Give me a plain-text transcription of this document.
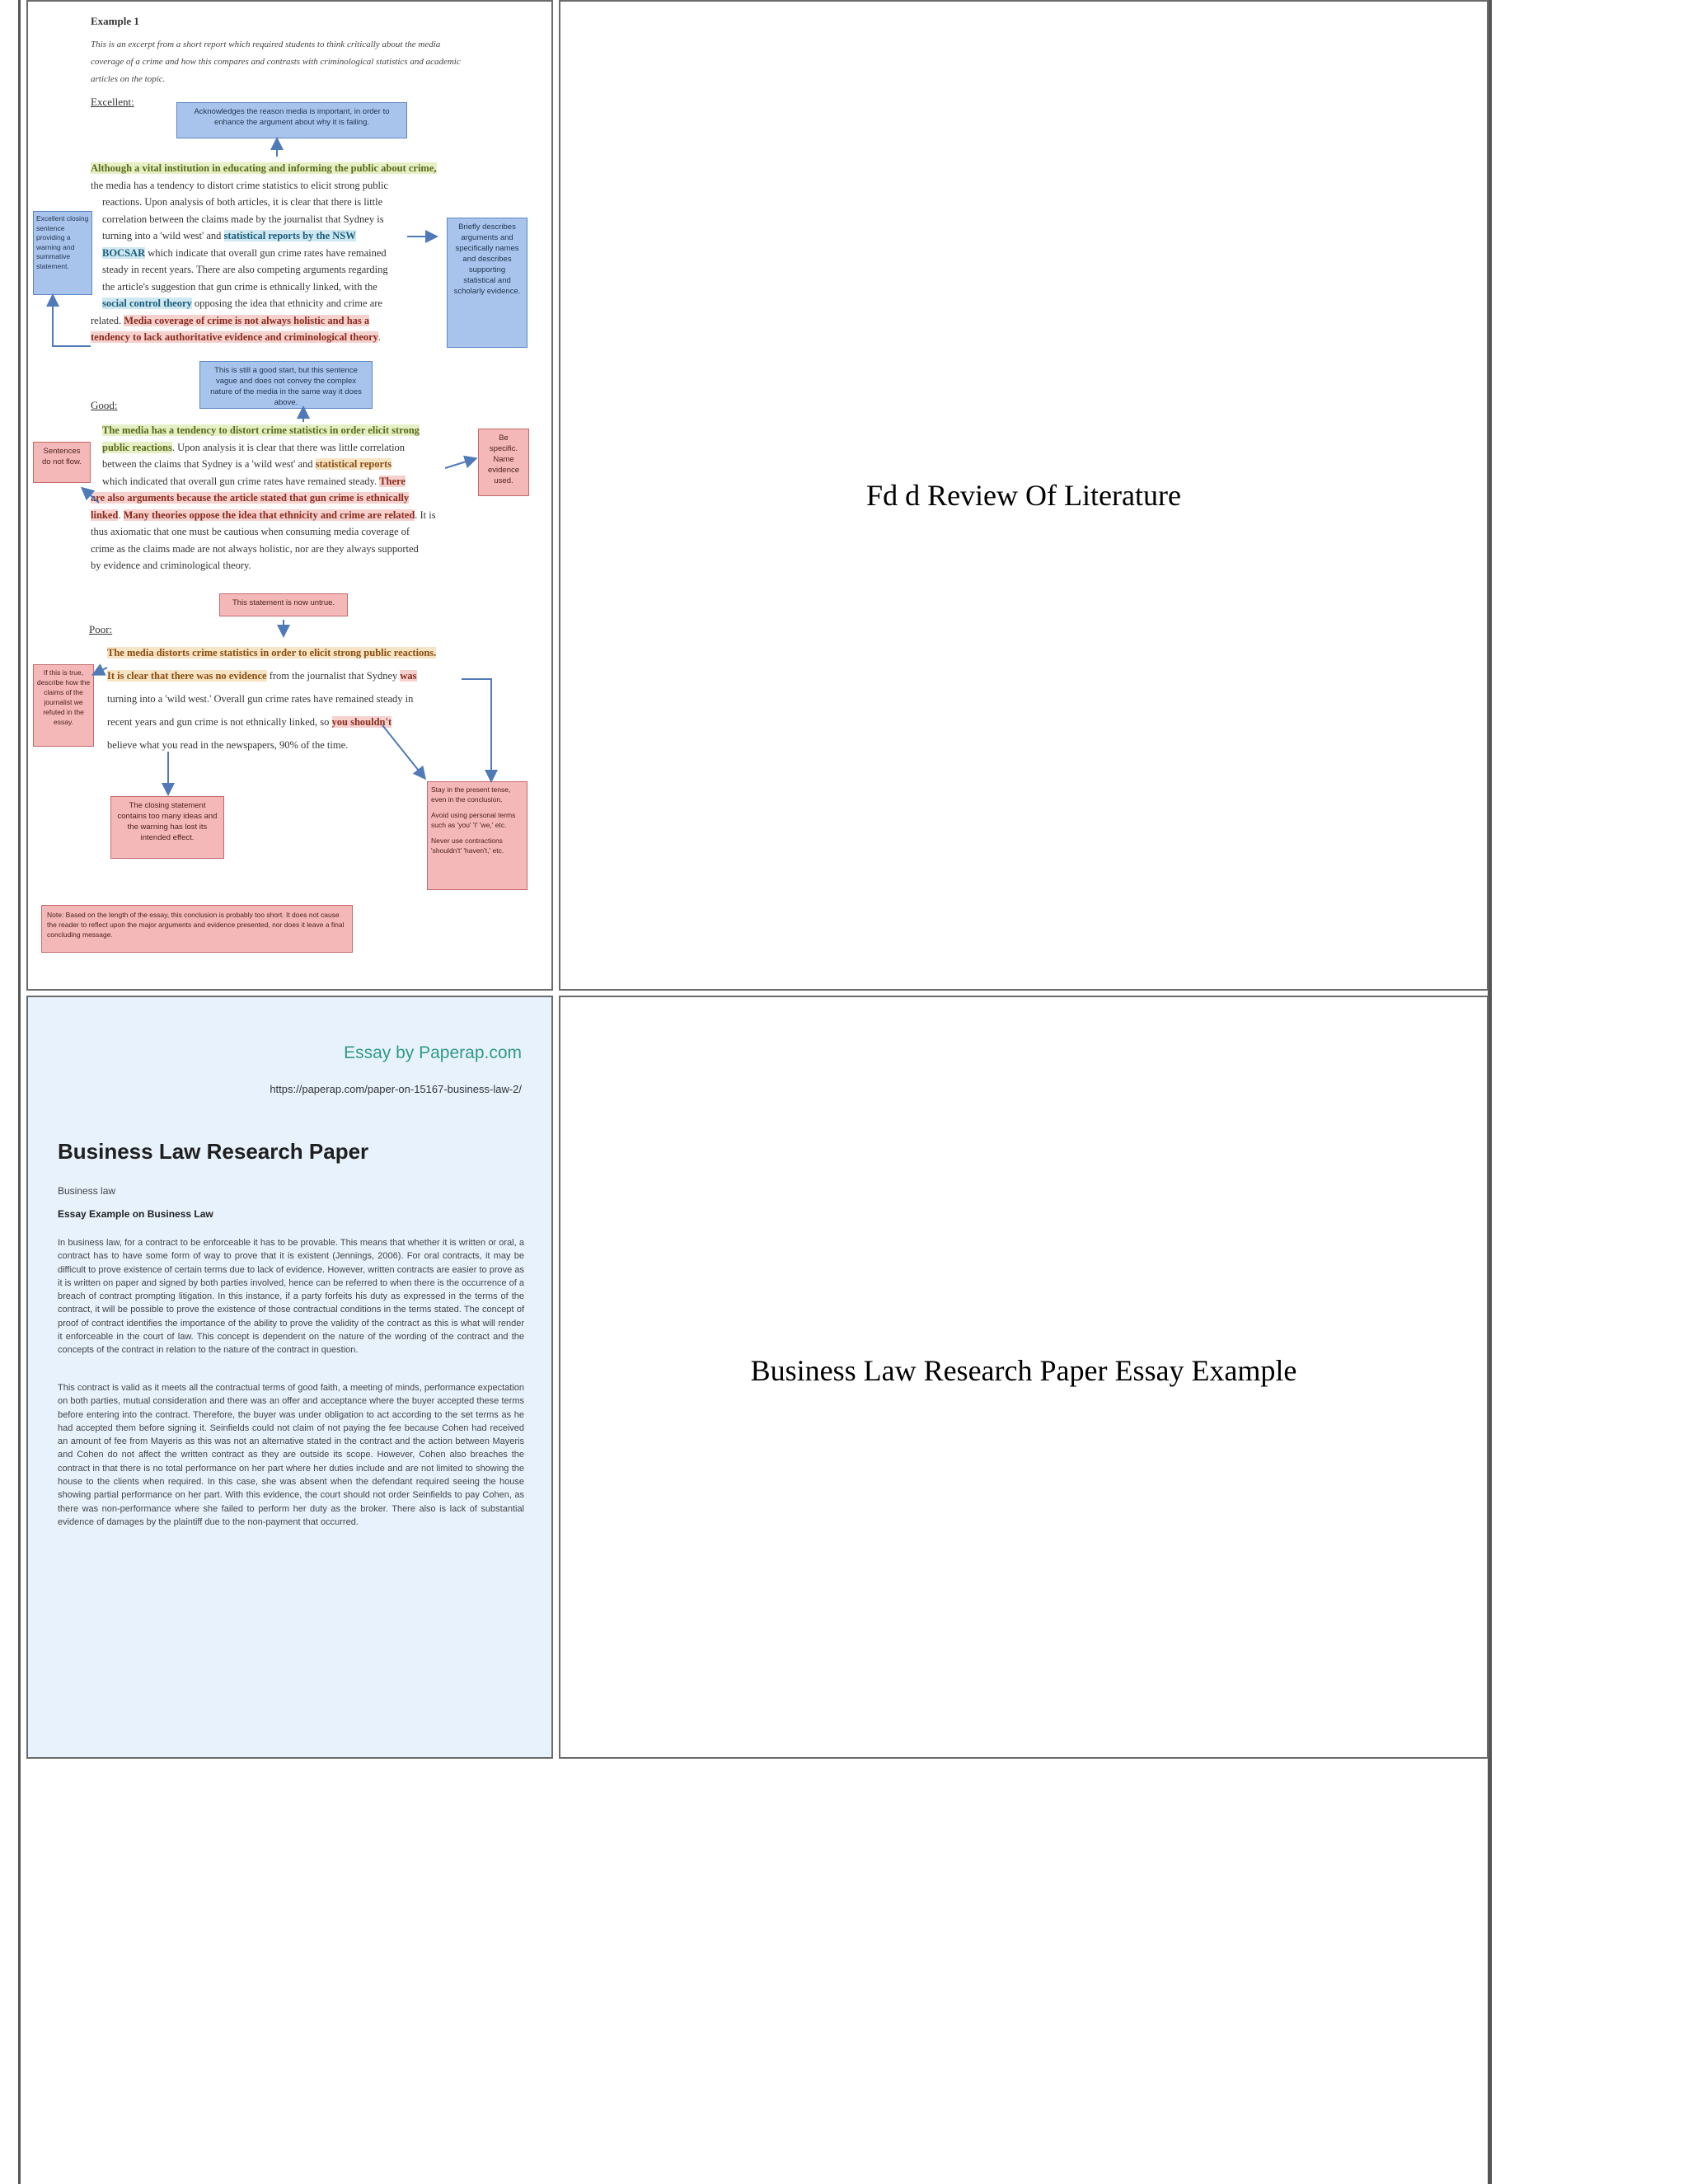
Example 1
This is an excerpt from a short report which required students to think critically about the media
coverage of a crime and how this compares and contrasts with criminological statistics and academic
articles on the topic.
Excellent:
Acknowledges the reason media is important, in order to enhance the argument about why it is failing.
Excellent closing sentence providing a warning and summative statement.
Briefly describes arguments and specifically names and describes supporting statistical and scholarly evidence.
Although a vital institution in educating and informing the public about crime,
the media has a tendency to distort crime statistics to elicit strong public
reactions. Upon analysis of both articles, it is clear that there is little
correlation between the claims made by the journalist that Sydney is
turning into a 'wild west' and statistical reports by the NSW
BOCSAR which indicate that overall gun crime rates have remained
steady in recent years. There are also competing arguments regarding
the article's suggestion that gun crime is ethnically linked, with the
social control theory opposing the idea that ethnicity and crime are
related. Media coverage of crime is not always holistic and has a
tendency to lack authoritative evidence and criminological theory.
This is still a good start, but this sentence vague and does not convey the complex nature of the media in the same way it does above.
Good:
Sentences do not flow.
Be specific. Name evidence used.
The media has a tendency to distort crime statistics in order elicit strong
public reactions. Upon analysis it is clear that there was little correlation
between the claims that Sydney is a 'wild west' and statistical reports
which indicated that overall gun crime rates have remained steady. There
are also arguments because the article stated that gun crime is ethnically
linked. Many theories oppose the idea that ethnicity and crime are related. It is
thus axiomatic that one must be cautious when consuming media coverage of
crime as the claims made are not always holistic, nor are they always supported
by evidence and criminological theory.
This statement is now untrue.
Poor:
If this is true, describe how the claims of the journalist we refuted in the essay.
The closing statement contains too many ideas and the warning has lost its intended effect.
Stay in the present tense, even in the conclusion.
Avoid using personal terms such as 'you' 'I' 'we,' etc.
Never use contractions 'shouldn't' 'haven't,' etc.
The media distorts crime statistics in order to elicit strong public reactions.
It is clear that there was no evidence from the journalist that Sydney was
turning into a 'wild west.' Overall gun crime rates have remained steady in
recent years and gun crime is not ethnically linked, so you shouldn't
believe what you read in the newspapers, 90% of the time.
Note: Based on the length of the essay, this conclusion is probably too short. It does not cause the reader to reflect upon the major arguments and evidence presented, nor does it leave a final concluding message.
Fd d Review Of Literature
Essay by Paperap.com
https://paperap.com/paper-on-15167-business-law-2/
Business Law Research Paper
Business law
Essay Example on Business Law
In business law, for a contract to be enforceable it has to be provable. This means that whether it is written or oral, a contract has to have some form of way to prove that it is existent (Jennings, 2006). For oral contracts, it may be difficult to prove existence of certain terms due to lack of evidence. However, written contracts are easier to prove as it is written on paper and signed by both parties involved, hence can be referred to when there is the occurrence of a breach of contract prompting litigation. In this instance, if a party forfeits his duty as expressed in the terms of the contract, it will be possible to prove the existence of those contractual conditions in the terms stated. The concept of proof of contract identifies the importance of the ability to prove the validity of the contract as this is what will render it enforceable in the court of law. This concept is dependent on the nature of the wording of the contract and the concepts of the contract in relation to the nature of the contract in question.
This contract is valid as it meets all the contractual terms of good faith, a meeting of minds, performance expectation on both parties, mutual consideration and there was an offer and acceptance where the buyer accepted these terms before entering into the contract. Therefore, the buyer was under obligation to act according to the set terms as he had accepted them before signing it. Seinfields could not claim of not paying the fee because Cohen had received an amount of fee from Mayeris as this was not an alternative stated in the contract and the action between Mayeris and Cohen do not affect the written contract as they are outside its scope. However, Cohen also breaches the contract in that there is no total performance on her part where her duties include and are not limited to showing the house to the clients when required. In this case, she was absent when the defendant required seeing the house showing partial performance on her part. With this evidence, the court should not order Seinfields to pay Cohen, as there was non-performance where she failed to perform her duty as the broker. There also is lack of substantial evidence of damages by the plaintiff due to the non-payment that occurred.
Business Law Research Paper Essay Example
